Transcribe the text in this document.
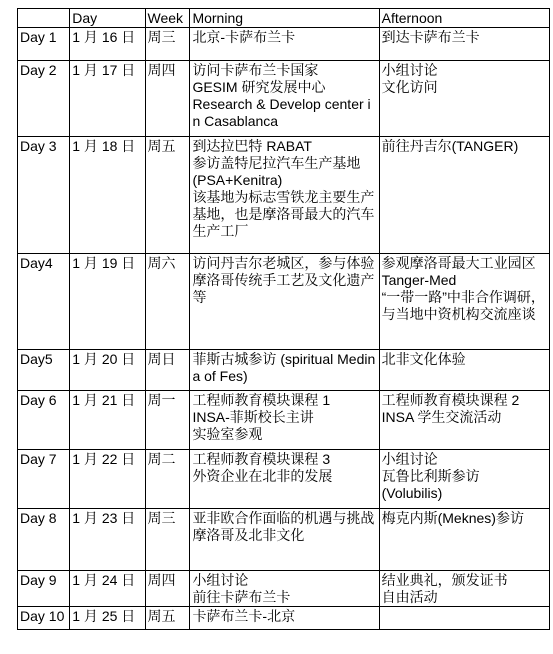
	Day	Week	Morning	Afternoon
Day 1	1 月 16 日	周三	北京-卡萨布兰卡	到达卡萨布兰卡

Day 2	1 月 17 日	周四	访问卡萨布兰卡国家
GESIM 研究发展中心
Research & Develop center in Casablanca	小组讨论
文化访问

Day 3	1 月 18 日	周五	到达拉巴特 RABAT
参访盖特尼拉汽车生产基地
(PSA+Kenitra)
该基地为标志雪铁龙主要生产基地，也是摩洛哥最大的汽车生产工厂	前往丹吉尔(TANGER)

Day4	1 月 19 日	周六	访问丹吉尔老城区，参与体验摩洛哥传统手工艺及文化遗产等	参观摩洛哥最大工业园区 Tanger-Med
“一带一路”中非合作调研，与当地中资机构交流座谈

Day5	1 月 20 日	周日	菲斯古城参访 (spiritual Medina of Fes)	北非文化体验

Day 6	1 月 21 日	周一	工程师教育模块课程 1
INSA-菲斯校长主讲
实验室参观	工程师教育模块课程 2
INSA 学生交流活动

Day 7	1 月 22 日	周二	工程师教育模块课程 3
外资企业在北非的发展	小组讨论
瓦鲁比利斯参访
(Volubilis)

Day 8	1 月 23 日	周三	亚非欧合作面临的机遇与挑战
摩洛哥及北非文化	梅克内斯(Meknes)参访

Day 9	1 月 24 日	周四	小组讨论
前往卡萨布兰卡	结业典礼，颁发证书
自由活动

Day 10	1 月 25 日	周五	卡萨布兰卡-北京	
